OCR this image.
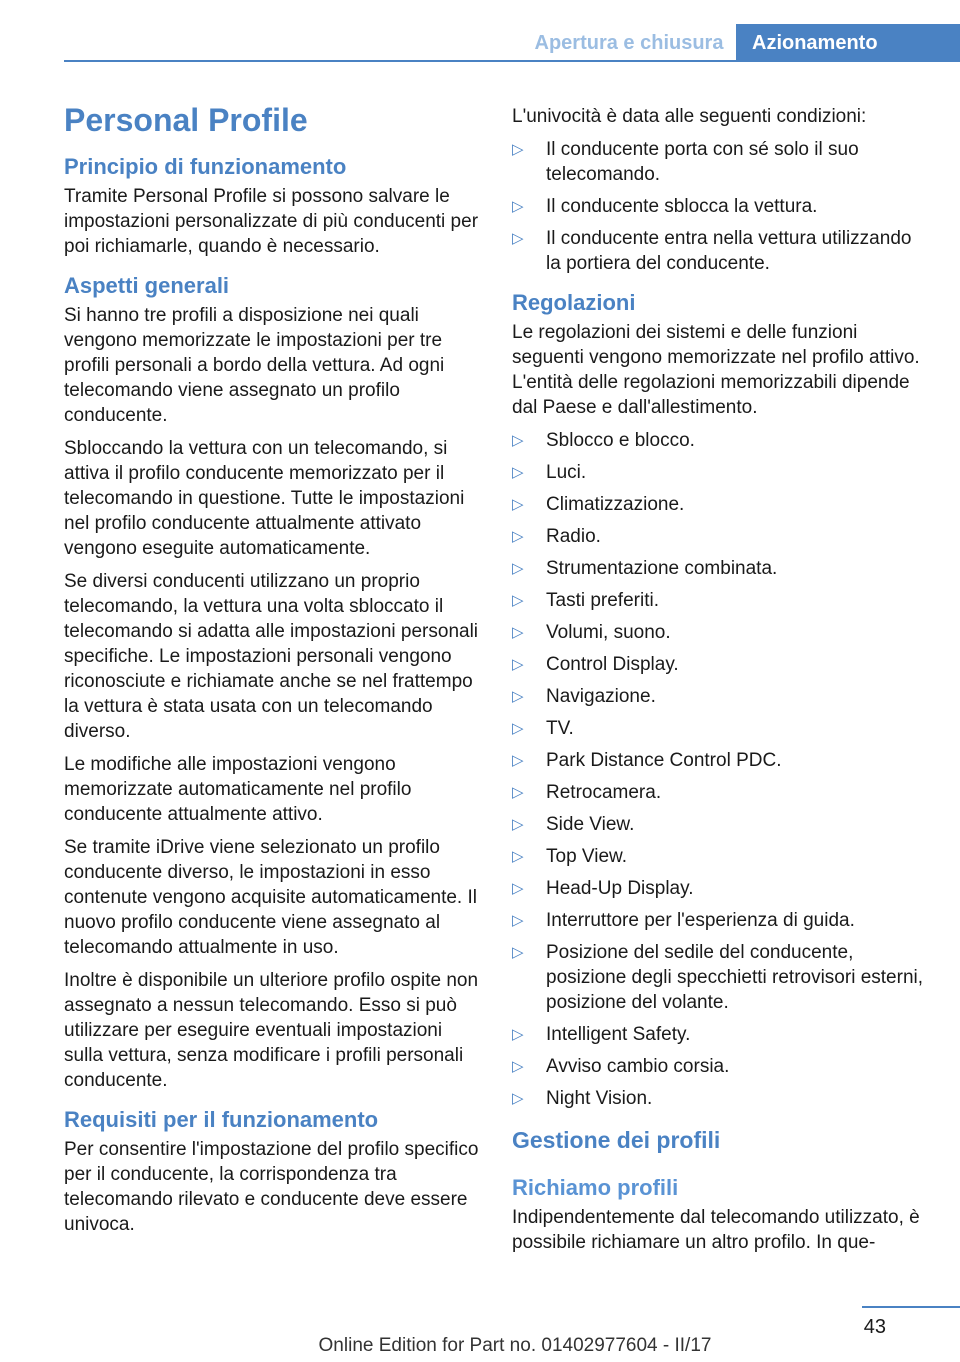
Apertura e chiusura	Azionamento
Personal Profile
Principio di funzionamento

Tramite Personal Profile si possono salvare le impostazioni personalizzate di più conducenti per poi richiamarle, quando è necessario.

Aspetti generali

Si hanno tre profili a disposizione nei quali vengono memorizzate le impostazioni per tre profili personali a bordo della vettura. Ad ogni telecomando viene assegnato un profilo conducente.

Sbloccando la vettura con un telecomando, si attiva il profilo conducente memorizzato per il telecomando in questione. Tutte le impostazioni nel profilo conducente attualmente attivato vengono eseguite automaticamente.

Se diversi conducenti utilizzano un proprio telecomando, la vettura una volta sbloccato il telecomando si adatta alle impostazioni personali specifiche. Le impostazioni personali vengono riconosciute e richiamate anche se nel frattempo la vettura è stata usata con un telecomando diverso.

Le modifiche alle impostazioni vengono memorizzate automaticamente nel profilo conducente attualmente attivo.

Se tramite iDrive viene selezionato un profilo conducente diverso, le impostazioni in esso contenute vengono acquisite automaticamente. Il nuovo profilo conducente viene assegnato al telecomando attualmente in uso.

Inoltre è disponibile un ulteriore profilo ospite non assegnato a nessun telecomando. Esso si può utilizzare per eseguire eventuali impostazioni sulla vettura, senza modificare i profili personali conducente.

Requisiti per il funzionamento

Per consentire l'impostazione del profilo specifico per il conducente, la corrispondenza tra telecomando rilevato e conducente deve essere univoca.

L'univocità è data alle seguenti condizioni:

▷	Il conducente porta con sé solo il suo telecomando.
▷	Il conducente sblocca la vettura.
▷	Il conducente entra nella vettura utilizzando la portiera del conducente.
Regolazioni

Le regolazioni dei sistemi e delle funzioni seguenti vengono memorizzate nel profilo attivo. L'entità delle regolazioni memorizzabili dipende dal Paese e dall'allestimento.

▷	Sblocco e blocco.
▷	Luci.
▷	Climatizzazione.
▷	Radio.
▷	Strumentazione combinata.
▷	Tasti preferiti.
▷	Volumi, suono.
▷	Control Display.
▷	Navigazione.
▷	TV.
▷	Park Distance Control PDC.
▷	Retrocamera.
▷	Side View.
▷	Top View.
▷	Head-Up Display.
▷	Interruttore per l'esperienza di guida.
▷	Posizione del sedile del conducente, posizione degli specchietti retrovisori esterni, posizione del volante.
▷	Intelligent Safety.
▷	Avviso cambio corsia.
▷	Night Vision.
Gestione dei profili
Richiamo profili

Indipendentemente dal telecomando utilizzato, è possibile richiamare un altro profilo. In que-

43
Online Edition for Part no. 01402977604 - II/17
